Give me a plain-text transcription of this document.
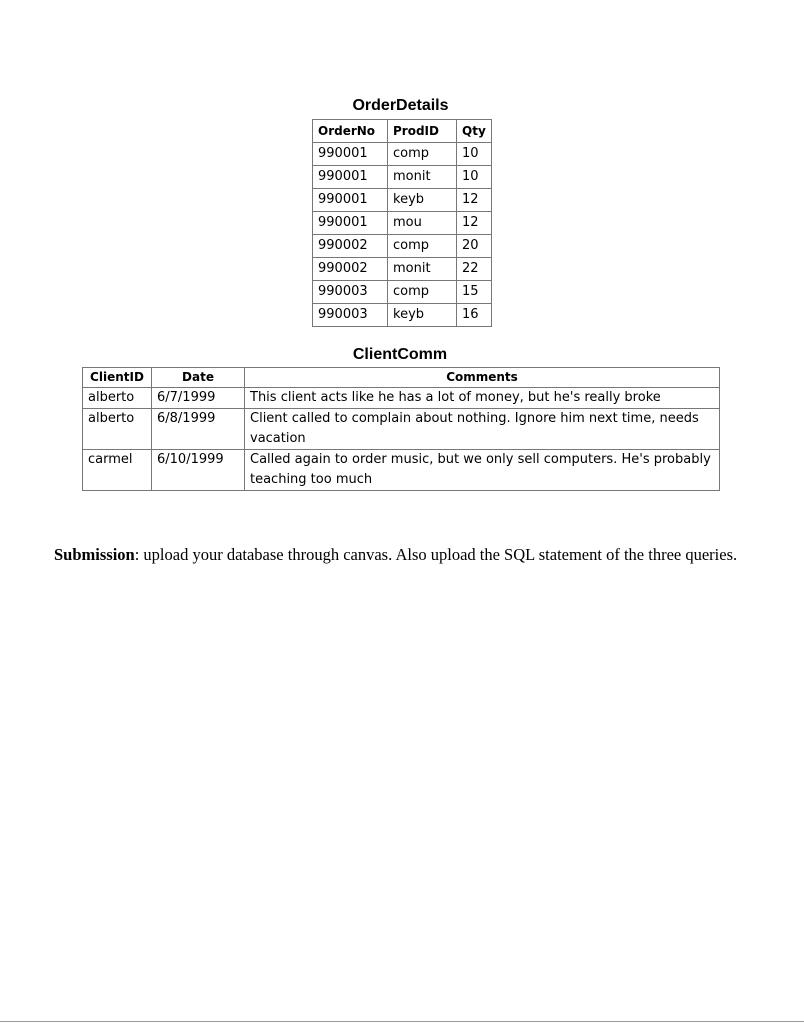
OrderDetails
OrderNo	ProdID	Qty
990001	comp	10
990001	monit	10
990001	keyb	12
990001	mou	12
990002	comp	20
990002	monit	22
990003	comp	15
990003	keyb	16
ClientComm
ClientID	Date	Comments
alberto	6/7/1999	This client acts like he has a lot of money, but he's really broke
alberto	6/8/1999	Client called to complain about nothing. Ignore him next time, needs vacation
carmel	6/10/1999	Called again to order music, but we only sell computers. He's probably teaching too much
Submission: upload your database through canvas. Also upload the SQL statement of the three queries.
